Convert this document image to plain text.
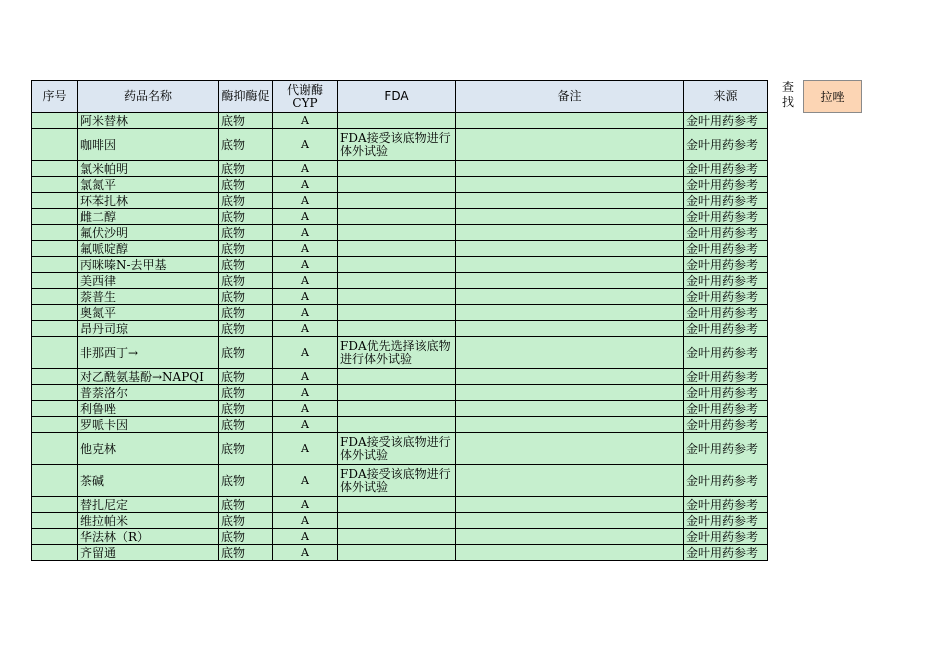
序号	药品名称	酶抑酶促	代谢酶CYP	FDA	备注	来源
	阿米替林	底物	A			金叶用药参考
	咖啡因	底物	A	FDA接受该底物进行体外试验		金叶用药参考
	氯米帕明	底物	A			金叶用药参考
	氯氮平	底物	A			金叶用药参考
	环苯扎林	底物	A			金叶用药参考
	雌二醇	底物	A			金叶用药参考
	氟伏沙明	底物	A			金叶用药参考
	氟哌啶醇	底物	A			金叶用药参考
	丙咪嗪N-去甲基	底物	A			金叶用药参考
	美西律	底物	A			金叶用药参考
	萘普生	底物	A			金叶用药参考
	奥氮平	底物	A			金叶用药参考
	昂丹司琼	底物	A			金叶用药参考
	非那西丁→	底物	A	FDA优先选择该底物进行体外试验		金叶用药参考
	对乙酰氨基酚→NAPQI	底物	A			金叶用药参考
	普萘洛尔	底物	A			金叶用药参考
	利鲁唑	底物	A			金叶用药参考
	罗哌卡因	底物	A			金叶用药参考
	他克林	底物	A	FDA接受该底物进行体外试验		金叶用药参考
	茶碱	底物	A	FDA接受该底物进行体外试验		金叶用药参考
	替扎尼定	底物	A			金叶用药参考
	维拉帕米	底物	A			金叶用药参考
	华法林（R）	底物	A			金叶用药参考
	齐留通	底物	A			金叶用药参考
查找	拉唑
